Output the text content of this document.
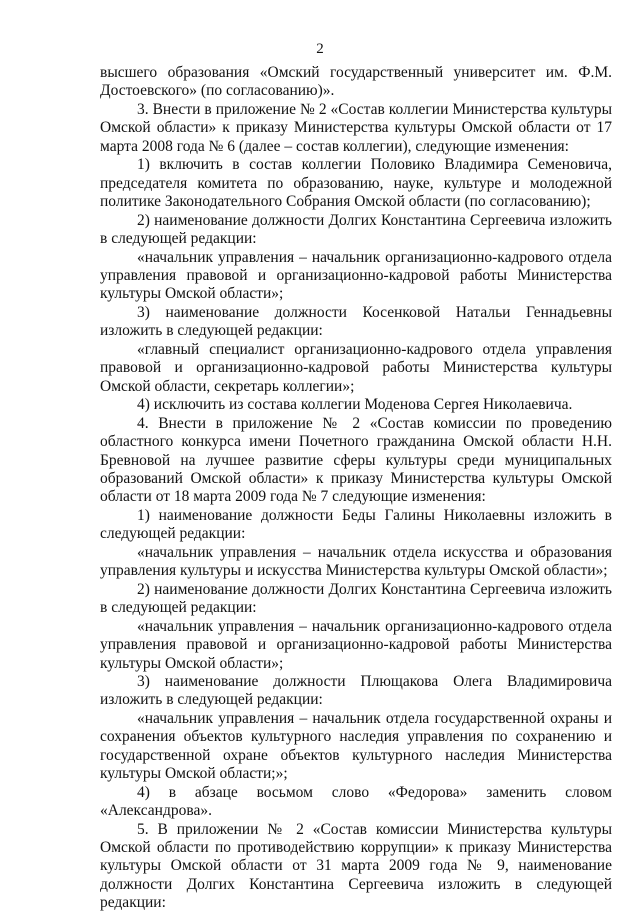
2

высшего образования «Омский государственный университет им. Ф.М. Достоевского» (по согласованию)».

3. Внести в приложение № 2 «Состав коллегии Министерства культуры Омской области» к приказу Министерства культуры Омской области от 17 марта 2008 года № 6 (далее – состав коллегии), следующие изменения:

1) включить в состав коллегии Половико Владимира Семеновича, председателя комитета по образованию, науке, культуре и молодежной политике Законодательного Собрания Омской области (по согласованию);

2) наименование должности Долгих Константина Сергеевича изложить в следующей редакции:

«начальник управления – начальник организационно-кадрового отдела управления правовой и организационно-кадровой работы Министерства культуры Омской области»;

3) наименование должности Косенковой Натальи Геннадьевны изложить в следующей редакции:

«главный специалист организационно-кадрового отдела управления правовой и организационно-кадровой работы Министерства культуры Омской области, секретарь коллегии»;

4) исключить из состава коллегии Моденова Сергея Николаевича.

4. Внести в приложение № 2 «Состав комиссии по проведению областного конкурса имени Почетного гражданина Омской области Н.Н. Бревновой на лучшее развитие сферы культуры среди муниципальных образований Омской области» к приказу Министерства культуры Омской области от 18 марта 2009 года № 7 следующие изменения:

1) наименование должности Беды Галины Николаевны изложить в следующей редакции:

«начальник управления – начальник отдела искусства и образования управления культуры и искусства Министерства культуры Омской области»;

2) наименование должности Долгих Константина Сергеевича изложить в следующей редакции:

«начальник управления – начальник организационно-кадрового отдела управления правовой и организационно-кадровой работы Министерства культуры Омской области»;

3) наименование должности Плющакова Олега Владимировича изложить в следующей редакции:

«начальник управления – начальник отдела государственной охраны и сохранения объектов культурного наследия управления по сохранению и государственной охране объектов культурного наследия Министерства культуры Омской области;»;

4) в абзаце восьмом слово «Федорова» заменить словом «Александрова».

5. В приложении № 2 «Состав комиссии Министерства культуры Омской области по противодействию коррупции» к приказу Министерства культуры Омской области от 31 марта 2009 года № 9, наименование должности Долгих Константина Сергеевича изложить в следующей редакции:
